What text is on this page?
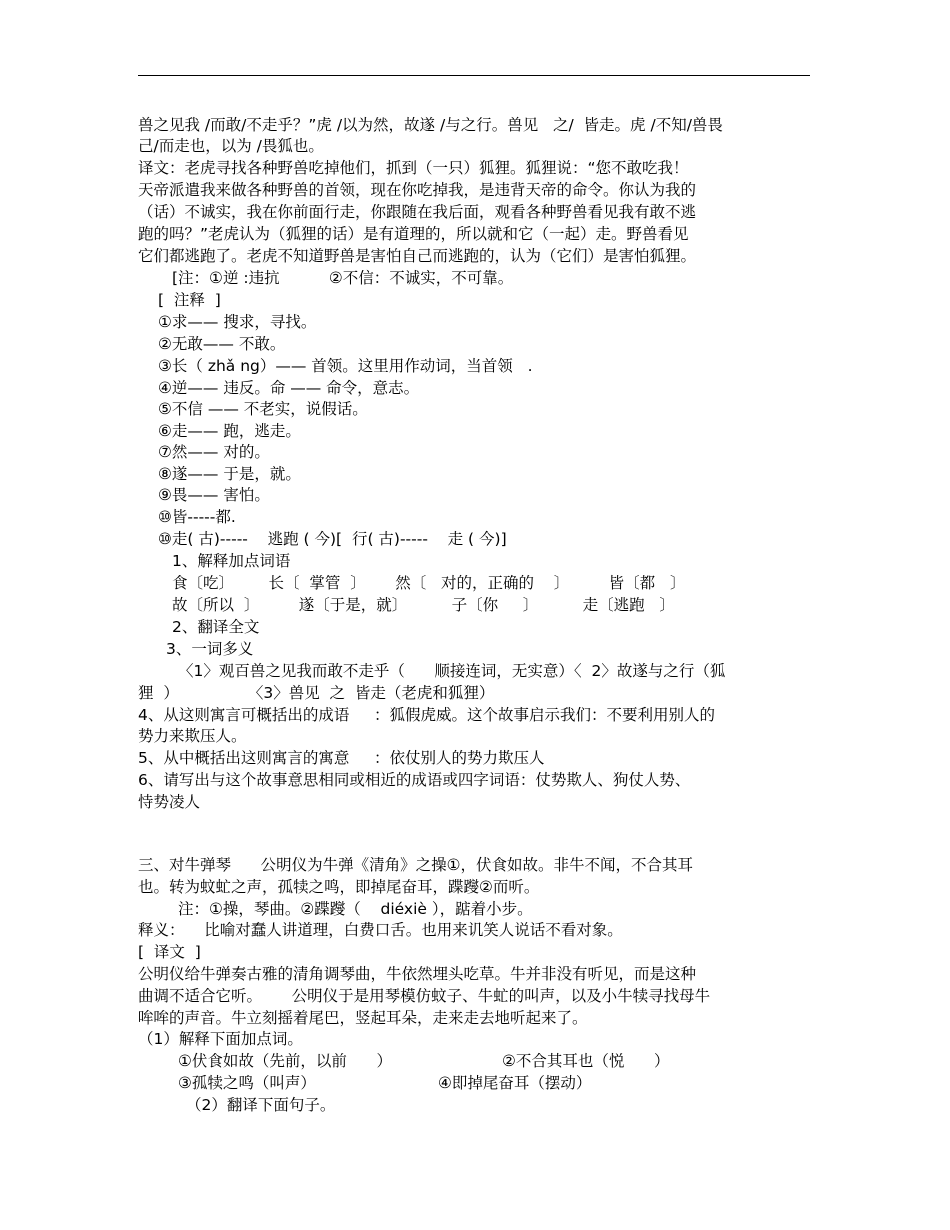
兽之见我 /而敢/不走乎？”虎 /以为然，故遂 /与之行。兽见   之/  皆走。虎 /不知/兽畏
己/而走也，以为 /畏狐也。
译文：老虎寻找各种野兽吃掉他们，抓到（一只）狐狸。狐狸说：“您不敢吃我！
天帝派遣我来做各种野兽的首领，现在你吃掉我，是违背天帝的命令。你认为我的
（话）不诚实，我在你前面行走，你跟随在我后面，观看各种野兽看见我有敢不逃
跑的吗？”老虎认为（狐狸的话）是有道理的，所以就和它（一起）走。野兽看见
它们都逃跑了。老虎不知道野兽是害怕自己而逃跑的，认为（它们）是害怕狐狸。
[注：①逆 :违抗          ②不信：不诚实，不可靠。
[  注释  ]
①求—— 搜求，寻找。
②无敢—— 不敢。
③长（ zhǎ ng）—— 首领。这里用作动词，当首领   .
④逆—— 违反。命 —— 命令，意志。
⑤不信 —— 不老实，说假话。
⑥走—— 跑，逃走。
⑦然—— 对的。
⑧遂—— 于是，就。
⑨畏—— 害怕。
⑩皆-----都.
⑩走( 古)-----    逃跑 ( 今)[  行( 古)-----    走 ( 今)]
1、解释加点词语
食〔吃〕       长〔  掌管  〕      然〔   对的，正确的    〕        皆〔都   〕
故〔所以  〕        遂〔于是，就〕         子〔你     〕         走〔逃跑   〕
2、翻译全文
3、一词多义
〈1〉观百兽之见我而敢不走乎（      顺接连词，无实意）〈  2〉故遂与之行（狐
狸  ）              〈3〉兽见  之  皆走（老虎和狐狸）
4、从这则寓言可概括出的成语     ：狐假虎威。这个故事启示我们：不要利用别人的
势力来欺压人。
5、从中概括出这则寓言的寓意     ：依仗别人的势力欺压人
6、请写出与这个故事意思相同或相近的成语或四字词语：仗势欺人、狗仗人势、
恃势凌人
三、对牛弹琴      公明仪为牛弹《清角》之操①，伏食如故。非牛不闻，不合其耳
也。转为蚊虻之声，孤犊之鸣，即掉尾奋耳，蹀躞②而听。
注：①操，琴曲。②蹀躞（    diéxiè ），踮着小步。
释义：    比喻对蠢人讲道理，白费口舌。也用来讥笑人说话不看对象。
[  译文  ]
公明仪给牛弹奏古雅的清角调琴曲，牛依然埋头吃草。牛并非没有听见，而是这种
曲调不适合它听。      公明仪于是用琴模仿蚊子、牛虻的叫声，以及小牛犊寻找母牛
哞哞的声音。牛立刻摇着尾巴，竖起耳朵，走来走去地听起来了。
（1）解释下面加点词。
①伏食如故（先前，以前      ）	②不合其耳也（悦      ）
③孤犊之鸣（叫声）	④即掉尾奋耳（摆动）
（2）翻译下面句子。
